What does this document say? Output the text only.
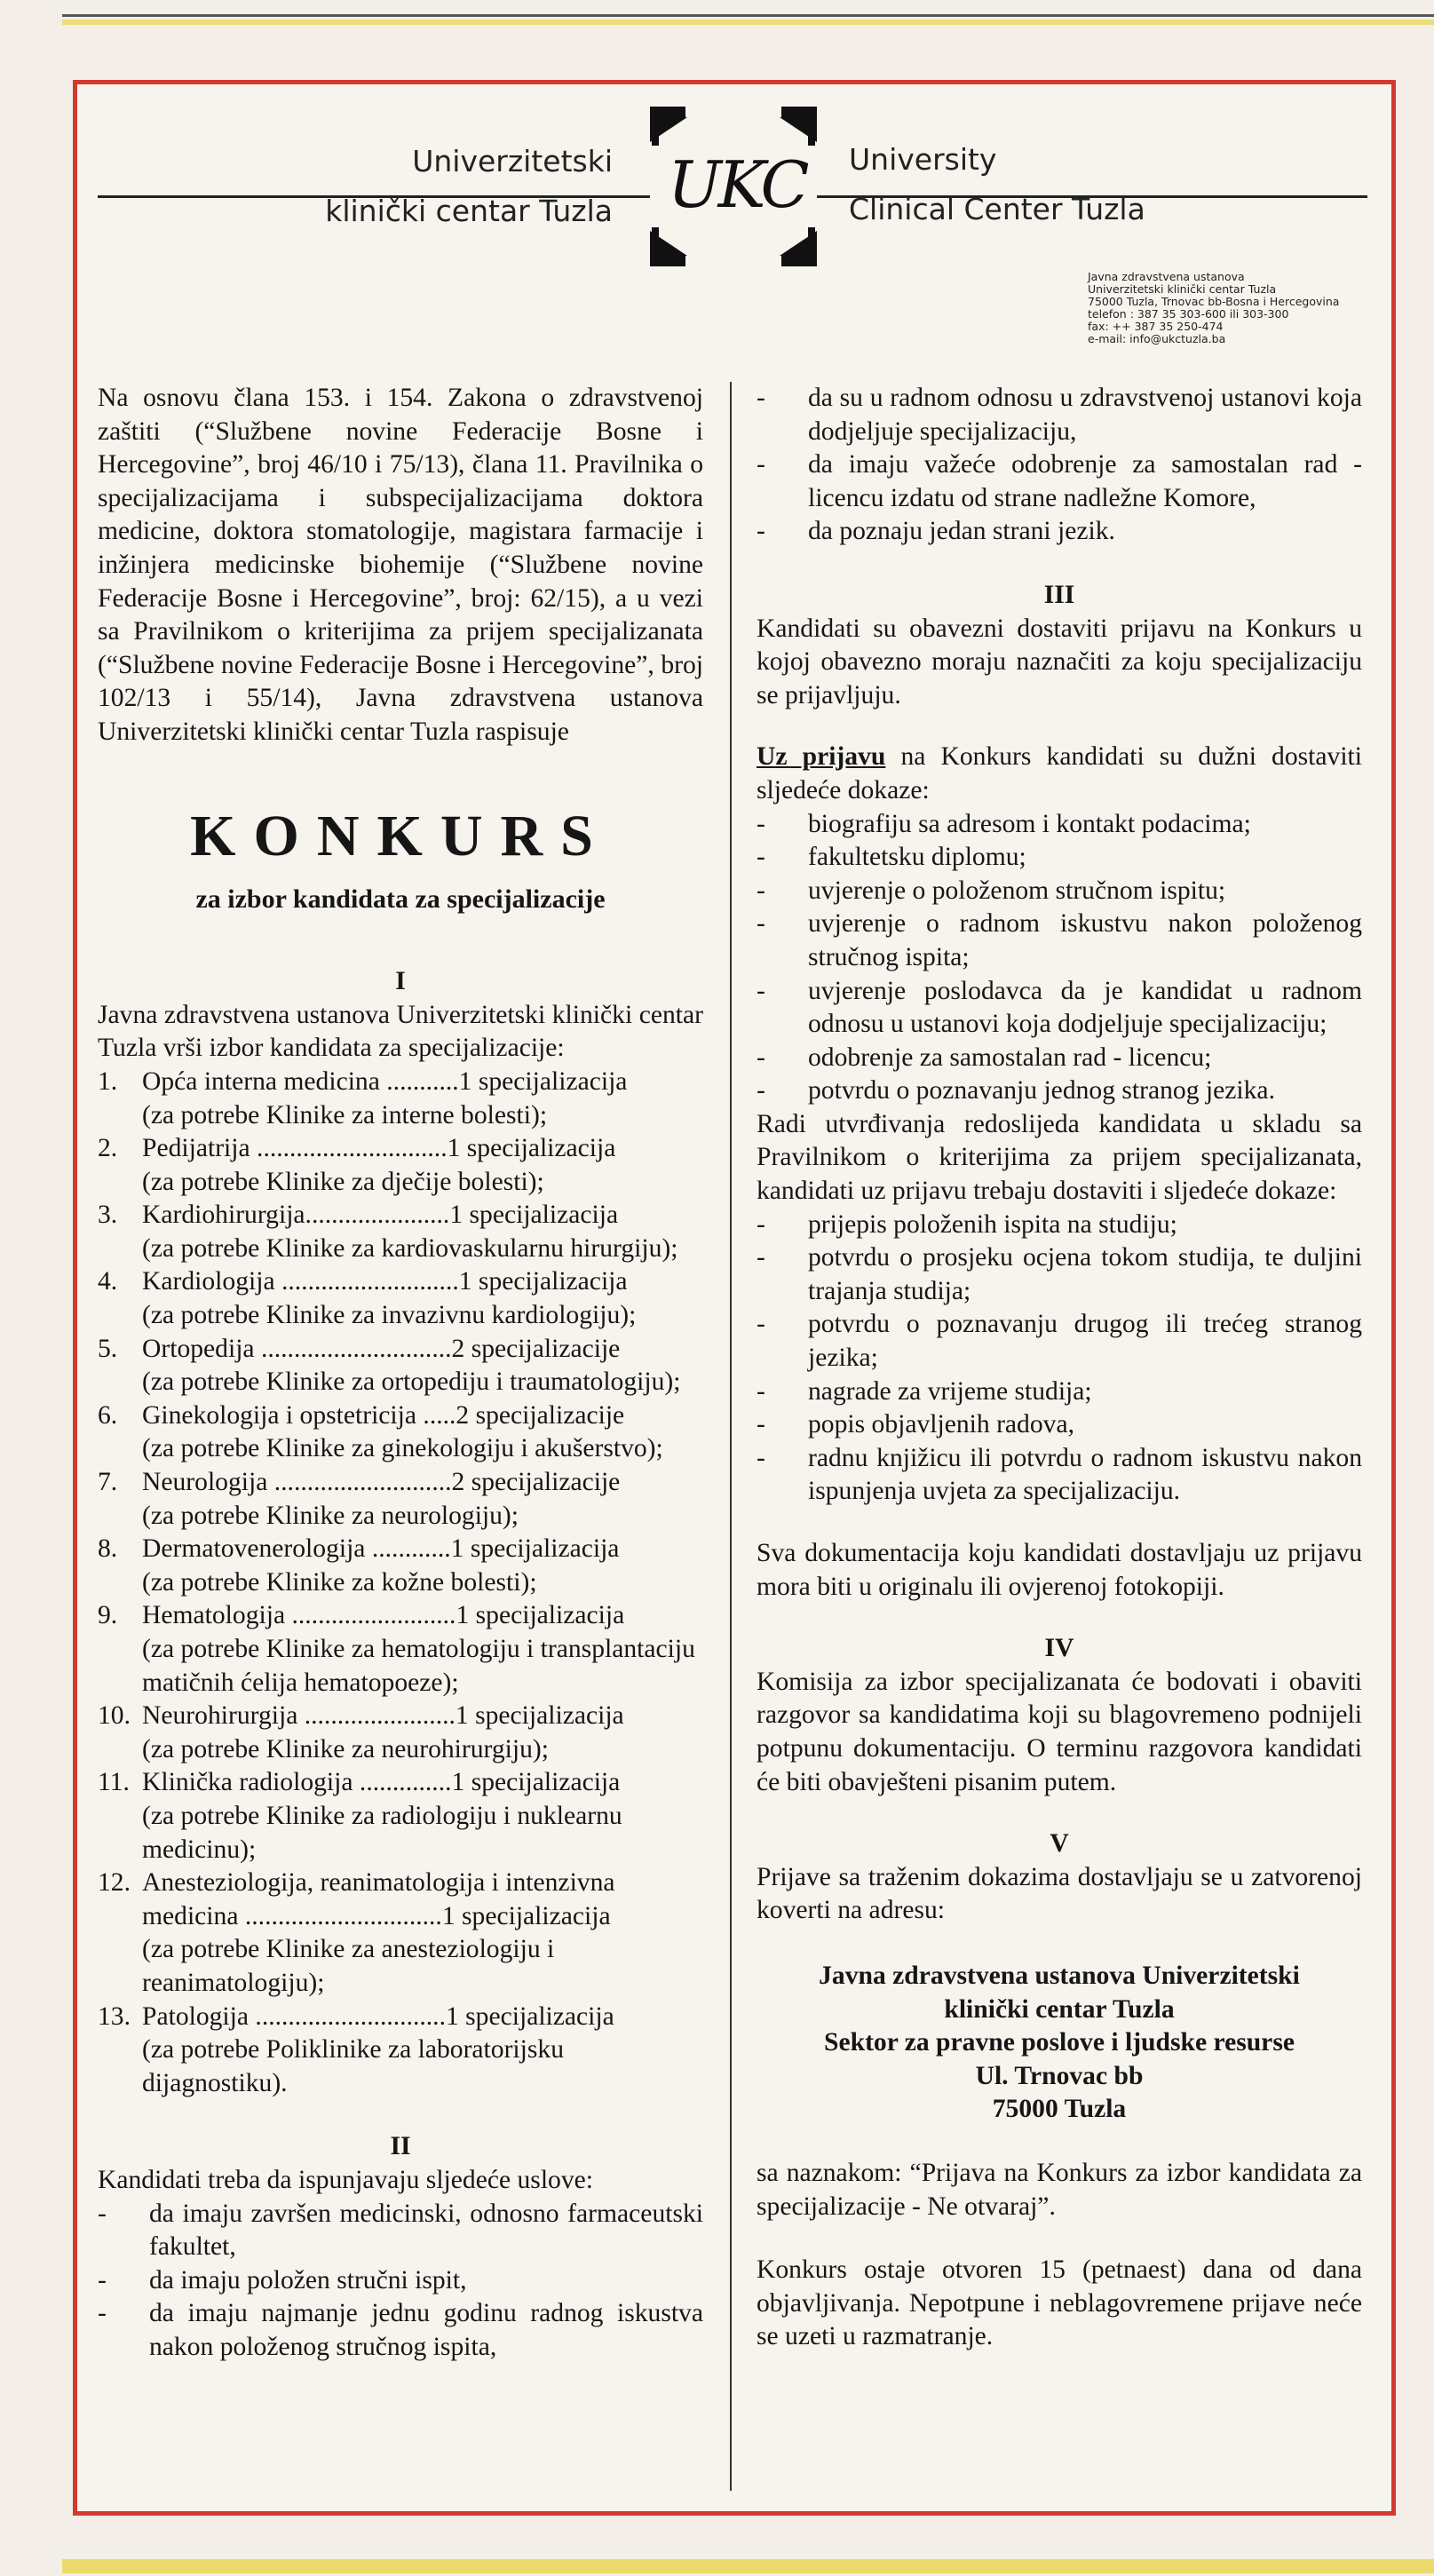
Univerzitetski
klinički centar Tuzla
University
Clinical Center Tuzla
UKC
Javna zdravstvena ustanova
Univerzitetski klinički centar Tuzla
75000 Tuzla, Trnovac bb-Bosna i Hercegovina
telefon : 387 35 303-600 ili 303-300
fax: ++ 387 35 250-474
e-mail: info@ukctuzla.ba

Na osnovu člana 153. i 154. Zakona o zdravstvenoj zaštiti (“Službene novine Federacije Bosne i Hercegovine”, broj 46/10 i 75/13), člana 11. Pravilnika o specijalizacijama i subspecijalizacijama doktora medicine, doktora stomatologije, magistara farmacije i inžinjera medicinske biohemije (“Službene novine Federacije Bosne i Hercegovine”, broj: 62/15), a u vezi sa Pravilnikom o kriterijima za prijem specijalizanata (“Službene novine Federacije Bosne i Hercegovine”, broj 102/13 i 55/14), Javna zdravstvena ustanova Univerzitetski klinički centar Tuzla raspisuje

KONKURS

za izbor kandidata za specijalizacije
I

Javna zdravstvena ustanova Univerzitetski klinički centar Tuzla vrši izbor kandidata za specijalizacije:

1. Opća interna medicina ...........1 specijalizacija
(za potrebe Klinike za interne bolesti);
2. Pedijatrija .............................1 specijalizacija
(za potrebe Klinike za dječije bolesti);
3. Kardiohirurgija......................1 specijalizacija
(za potrebe Klinike za kardiovaskularnu hirurgiju);
4. Kardiologija ...........................1 specijalizacija
(za potrebe Klinike za invazivnu kardiologiju);
5. Ortopedija .............................2 specijalizacije
(za potrebe Klinike za ortopediju i traumatologiju);
6. Ginekologija i opstetricija .....2 specijalizacije
(za potrebe Klinike za ginekologiju i akušerstvo);
7. Neurologija ...........................2 specijalizacije
(za potrebe Klinike za neurologiju);
8. Dermatovenerologija ............1 specijalizacija
(za potrebe Klinike za kožne bolesti);
9. Hematologija .........................1 specijalizacija
(za potrebe Klinike za hematologiju i transplantaciju matičnih ćelija hematopoeze);
10. Neurohirurgija .......................1 specijalizacija
(za potrebe Klinike za neurohirurgiju);
11. Klinička radiologija ..............1 specijalizacija
(za potrebe Klinike za radiologiju i nuklearnu medicinu);
12. Anesteziologija, reanimatologija i intenzivna medicina ..............................1 specijalizacija
(za potrebe Klinike za anesteziologiju i reanimatologiju);
13. Patologija .............................1 specijalizacija
(za potrebe Poliklinike za laboratorijsku dijagnostiku).
II

Kandidati treba da ispunjavaju sljedeće uslove:

-	da imaju završen medicinski, odnosno farmaceutski fakultet,
-	da imaju položen stručni ispit,
-	da imaju najmanje jednu godinu radnog iskustva nakon položenog stručnog ispita,
-	da su u radnom odnosu u zdravstvenoj ustanovi koja dodjeljuje specijalizaciju,
-	da imaju važeće odobrenje za samostalan rad - licencu izdatu od strane nadležne Komore,
-	da poznaju jedan strani jezik.
III

Kandidati su obavezni dostaviti prijavu na Konkurs u kojoj obavezno moraju naznačiti za koju specijalizaciju se prijavljuju.

Uz prijavu na Konkurs kandidati su dužni dostaviti sljedeće dokaze:

-	biografiju sa adresom i kontakt podacima;
-	fakultetsku diplomu;
-	uvjerenje o položenom stručnom ispitu;
-	uvjerenje o radnom iskustvu nakon položenog stručnog ispita;
-	uvjerenje poslodavca da je kandidat u radnom odnosu u ustanovi koja dodjeljuje specijalizaciju;
-	odobrenje za samostalan rad - licencu;
-	potvrdu o poznavanju jednog stranog jezika.

Radi utvrđivanja redoslijeda kandidata u skladu sa Pravilnikom o kriterijima za prijem specijalizanata, kandidati uz prijavu trebaju dostaviti i sljedeće dokaze:

-	prijepis položenih ispita na studiju;
-	potvrdu o prosjeku ocjena tokom studija, te duljini trajanja studija;
-	potvrdu o poznavanju drugog ili trećeg stranog jezika;
-	nagrade za vrijeme studija;
-	popis objavljenih radova,
-	radnu knjižicu ili potvrdu o radnom iskustvu nakon ispunjenja uvjeta za specijalizaciju.

Sva dokumentacija koju kandidati dostavljaju uz prijavu mora biti u originalu ili ovjerenoj fotokopiji.

IV

Komisija za izbor specijalizanata će bodovati i obaviti razgovor sa kandidatima koji su blagovremeno podnijeli potpunu dokumentaciju. O terminu razgovora kandidati će biti obavješteni pisanim putem.

V

Prijave sa traženim dokazima dostavljaju se u zatvorenoj koverti na adresu:

Javna zdravstvena ustanova Univerzitetski
klinički centar Tuzla
Sektor za pravne poslove i ljudske resurse
Ul. Trnovac bb
75000 Tuzla

sa naznakom: “Prijava na Konkurs za izbor kandidata za specijalizacije - Ne otvaraj”.

Konkurs ostaje otvoren 15 (petnaest) dana od dana objavljivanja. Nepotpune i neblagovremene prijave neće se uzeti u razmatranje.
